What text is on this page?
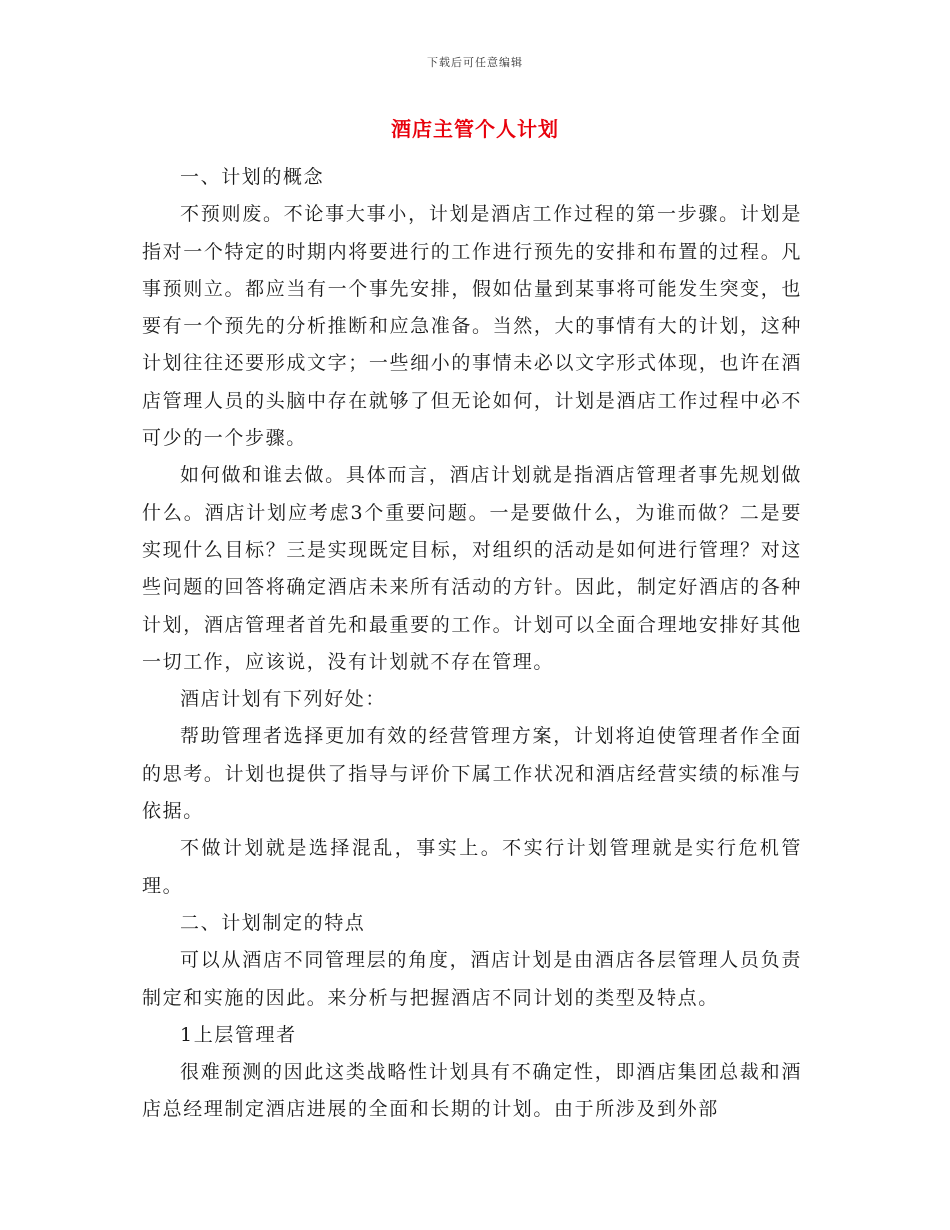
下载后可任意编辑
酒店主管个人计划

一、计划的概念

不预则废。不论事大事小，计划是酒店工作过程的第一步骤。计划是指对一个特定的时期内将要进行的工作进行预先的安排和布置的过程。凡事预则立。都应当有一个事先安排，假如估量到某事将可能发生突变，也要有一个预先的分析推断和应急准备。当然，大的事情有大的计划，这种计划往往还要形成文字；一些细小的事情未必以文字形式体现，也许在酒店管理人员的头脑中存在就够了但无论如何，计划是酒店工作过程中必不可少的一个步骤。

如何做和谁去做。具体而言，酒店计划就是指酒店管理者事先规划做什么。酒店计划应考虑3个重要问题。一是要做什么，为谁而做？二是要实现什么目标？三是实现既定目标，对组织的活动是如何进行管理？对这些问题的回答将确定酒店未来所有活动的方针。因此，制定好酒店的各种计划，酒店管理者首先和最重要的工作。计划可以全面合理地安排好其他一切工作，应该说，没有计划就不存在管理。

酒店计划有下列好处：

帮助管理者选择更加有效的经营管理方案，计划将迫使管理者作全面的思考。计划也提供了指导与评价下属工作状况和酒店经营实绩的标准与依据。

不做计划就是选择混乱，事实上。不实行计划管理就是实行危机管理。

二、计划制定的特点

可以从酒店不同管理层的角度，酒店计划是由酒店各层管理人员负责制定和实施的因此。来分析与把握酒店不同计划的类型及特点。

1上层管理者

很难预测的因此这类战略性计划具有不确定性，即酒店集团总裁和酒店总经理制定酒店进展的全面和长期的计划。由于所涉及到外部
